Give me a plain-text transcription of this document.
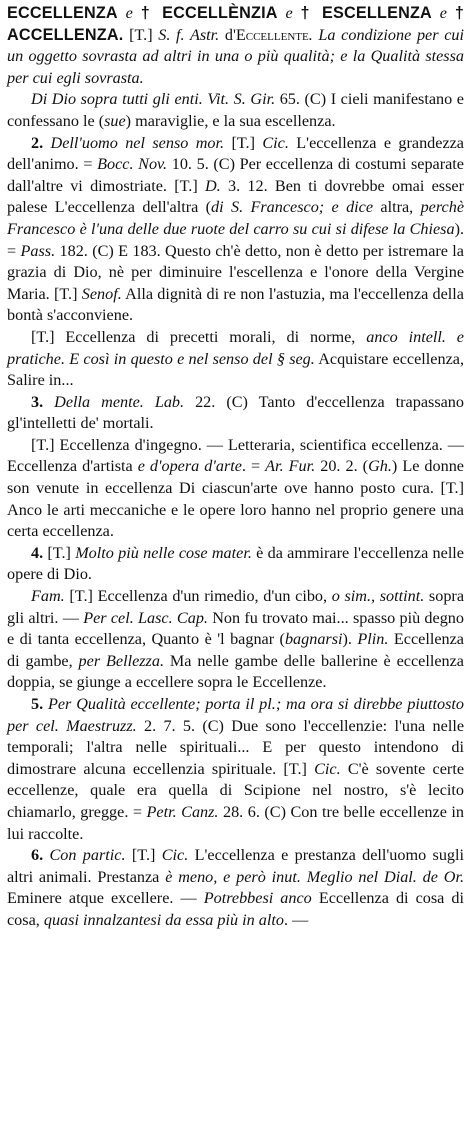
ECCELLENZA e † ECCELLÈNZIA e † ESCELLENZA e † ACCELLENZA. [T.] S. f. Astr. d'Eccellente. La condizione per cui un oggetto sovrasta ad altri in una o più qualità; e la Qualità stessa per cui egli sovrasta.

Di Dio sopra tutti gli enti. Vit. S. Gir. 65. (C) I cieli manifestano e confessano le (sue) maraviglie, e la sua escellenza.

2. Dell'uomo nel senso mor. [T.] Cic. L'eccellenza e grandezza dell'animo. = Bocc. Nov. 10. 5. (C) Per eccellenza di costumi separate dall'altre vi dimostriate. [T.] D. 3. 12. Ben ti dovrebbe omai esser palese L'eccellenza dell'altra (di S. Francesco; e dice altra, perchè Francesco è l'una delle due ruote del carro su cui si difese la Chiesa). = Pass. 182. (C) E 183. Questo ch'è detto, non è detto per istremare la grazia di Dio, nè per diminuire l'escellenza e l'onore della Vergine Maria. [T.] Senof. Alla dignità di re non l'astuzia, ma l'eccellenza della bontà s'acconviene.

[T.] Eccellenza di precetti morali, di norme, anco intell. e pratiche. E così in questo e nel senso del § seg. Acquistare eccellenza, Salire in...

3. Della mente. Lab. 22. (C) Tanto d'eccellenza trapassano gl'intelletti de' mortali.

[T.] Eccellenza d'ingegno. — Letteraria, scientifica eccellenza. — Eccellenza d'artista e d'opera d'arte. = Ar. Fur. 20. 2. (Gh.) Le donne son venute in eccellenza Di ciascun'arte ove hanno posto cura. [T.] Anco le arti meccaniche e le opere loro hanno nel proprio genere una certa eccellenza.

4. [T.] Molto più nelle cose mater. è da ammirare l'eccellenza nelle opere di Dio.

Fam. [T.] Eccellenza d'un rimedio, d'un cibo, o sim., sottint. sopra gli altri. — Per cel. Lasc. Cap. Non fu trovato mai... spasso più degno e di tanta eccellenza, Quanto è 'l bagnar (bagnarsi). Plin. Eccellenza di gambe, per Bellezza. Ma nelle gambe delle ballerine è eccellenza doppia, se giunge a eccellere sopra le Eccellenze.

5. Per Qualità eccellente; porta il pl.; ma ora si direbbe piuttosto per cel. Maestruzz. 2. 7. 5. (C) Due sono l'eccellenzie: l'una nelle temporali; l'altra nelle spirituali... E per questo intendono di dimostrare alcuna eccellenzia spirituale. [T.] Cic. C'è sovente certe eccellenze, quale era quella di Scipione nel nostro, s'è lecito chiamarlo, gregge. = Petr. Canz. 28. 6. (C) Con tre belle eccellenze in lui raccolte.

6. Con partic. [T.] Cic. L'eccellenza e prestanza dell'uomo sugli altri animali. Prestanza è meno, e però inut. Meglio nel Dial. de Or. Eminere atque excellere. — Potrebbesi anco Eccellenza di cosa di cosa, quasi innalzantesi da essa più in alto. —
